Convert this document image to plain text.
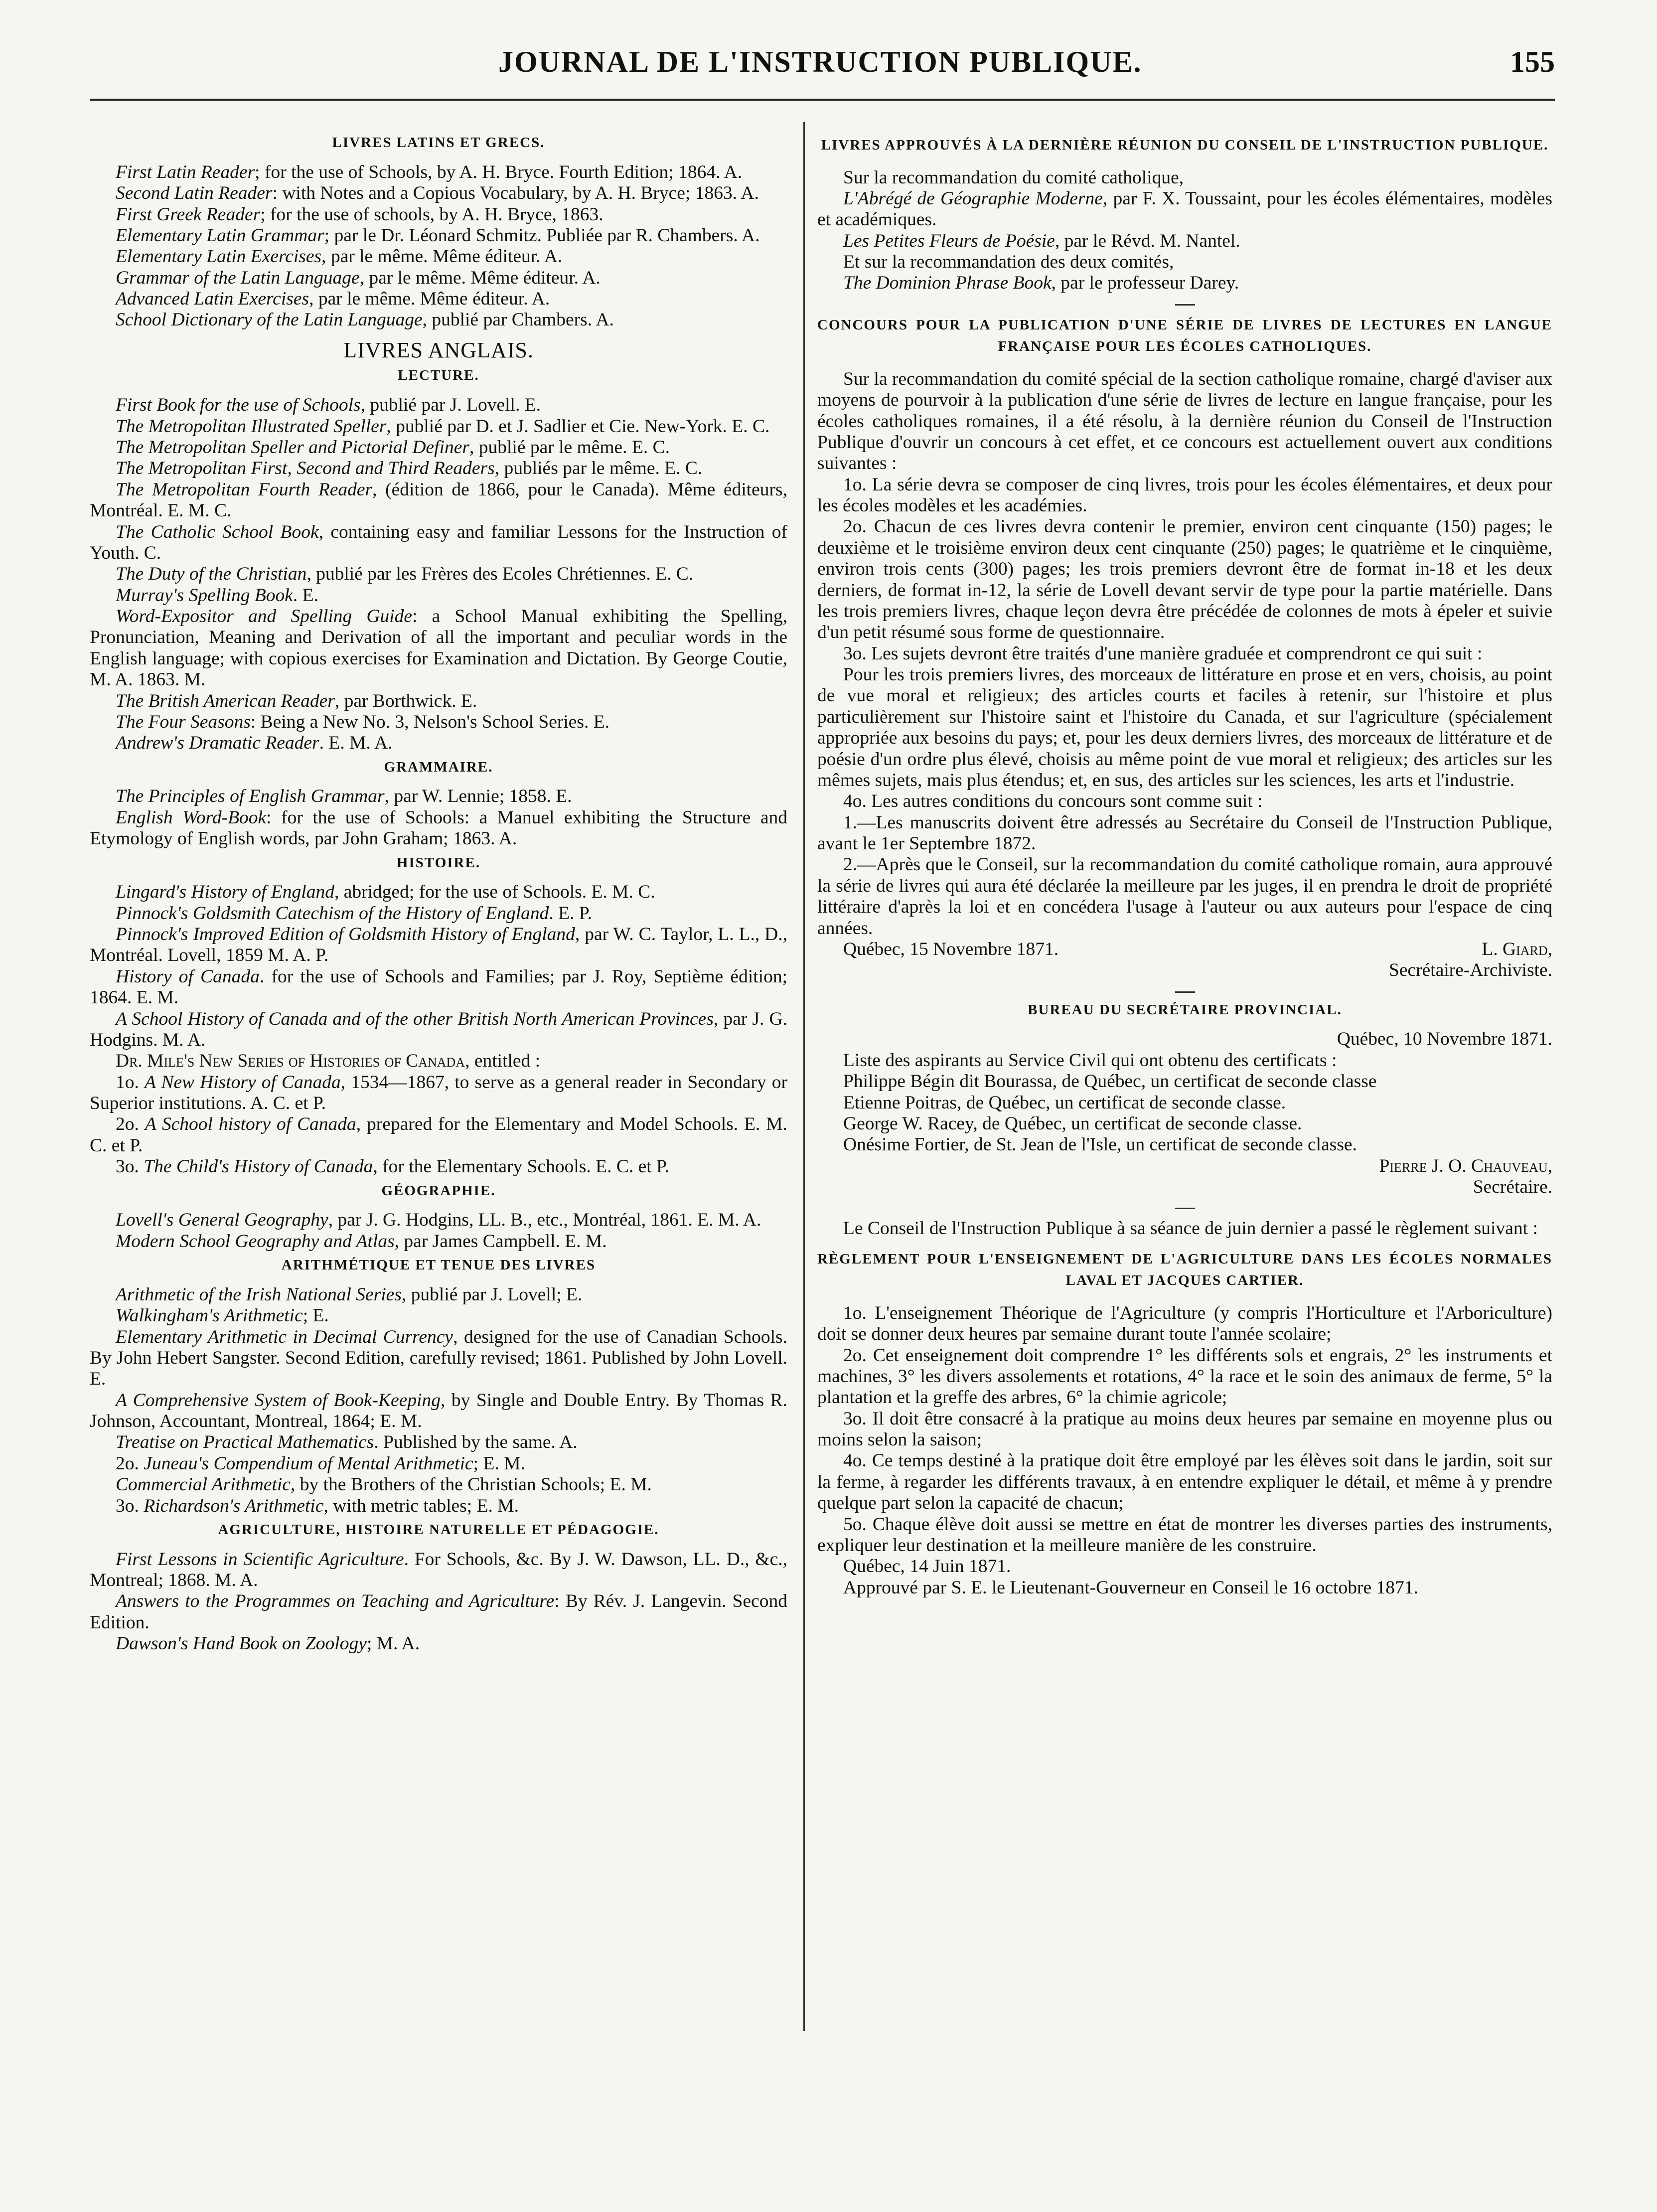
JOURNAL DE L'INSTRUCTION PUBLIQUE.	155
LIVRES LATINS ET GRECS.

First Latin Reader; for the use of Schools, by A. H. Bryce. Fourth Edition; 1864. A.

Second Latin Reader: with Notes and a Copious Vocabulary, by A. H. Bryce; 1863. A.

First Greek Reader; for the use of schools, by A. H. Bryce, 1863.

Elementary Latin Grammar; par le Dr. Léonard Schmitz. Publiée par R. Chambers. A.

Elementary Latin Exercises, par le même. Même éditeur. A.

Grammar of the Latin Language, par le même. Même éditeur. A.

Advanced Latin Exercises, par le même. Même éditeur. A.

School Dictionary of the Latin Language, publié par Chambers. A.

LIVRES ANGLAIS.
LECTURE.

First Book for the use of Schools, publié par J. Lovell. E.

The Metropolitan Illustrated Speller, publié par D. et J. Sadlier et Cie. New-York. E. C.

The Metropolitan Speller and Pictorial Definer, publié par le même. E. C.

The Metropolitan First, Second and Third Readers, publiés par le même. E. C.

The Metropolitan Fourth Reader, (édition de 1866, pour le Canada). Même éditeurs, Montréal. E. M. C.

The Catholic School Book, containing easy and familiar Lessons for the Instruction of Youth. C.

The Duty of the Christian, publié par les Frères des Ecoles Chrétiennes. E. C.

Murray's Spelling Book. E.

Word-Expositor and Spelling Guide: a School Manual exhibiting the Spelling, Pronunciation, Meaning and Derivation of all the important and peculiar words in the English language; with copious exercises for Examination and Dictation. By George Coutie, M. A. 1863. M.

The British American Reader, par Borthwick. E.

The Four Seasons: Being a New No. 3, Nelson's School Series. E.

Andrew's Dramatic Reader. E. M. A.

GRAMMAIRE.

The Principles of English Grammar, par W. Lennie; 1858. E.

English Word-Book: for the use of Schools: a Manuel exhibiting the Structure and Etymology of English words, par John Graham; 1863. A.

HISTOIRE.

Lingard's History of England, abridged; for the use of Schools. E. M. C.

Pinnock's Goldsmith Catechism of the History of England. E. P.

Pinnock's Improved Edition of Goldsmith History of England, par W. C. Taylor, L. L., D., Montréal. Lovell, 1859 M. A. P.

History of Canada. for the use of Schools and Families; par J. Roy, Septième édition; 1864. E. M.

A School History of Canada and of the other British North American Provinces, par J. G. Hodgins. M. A.

Dr. Mile's New Series of Histories of Canada, entitled :

1o. A New History of Canada, 1534—1867, to serve as a general reader in Secondary or Superior institutions. A. C. et P.

2o. A School history of Canada, prepared for the Elementary and Model Schools. E. M. C. et P.

3o. The Child's History of Canada, for the Elementary Schools. E. C. et P.

GÉOGRAPHIE.

Lovell's General Geography, par J. G. Hodgins, LL. B., etc., Montréal, 1861. E. M. A.

Modern School Geography and Atlas, par James Campbell. E. M.

ARITHMÉTIQUE ET TENUE DES LIVRES

Arithmetic of the Irish National Series, publié par J. Lovell; E.

Walkingham's Arithmetic; E.

Elementary Arithmetic in Decimal Currency, designed for the use of Canadian Schools. By John Hebert Sangster. Second Edition, carefully revised; 1861. Published by John Lovell. E.

A Comprehensive System of Book-Keeping, by Single and Double Entry. By Thomas R. Johnson, Accountant, Montreal, 1864; E. M.

Treatise on Practical Mathematics. Published by the same. A.

2o. Juneau's Compendium of Mental Arithmetic; E. M.

Commercial Arithmetic, by the Brothers of the Christian Schools; E. M.

3o. Richardson's Arithmetic, with metric tables; E. M.

AGRICULTURE, HISTOIRE NATURELLE ET PÉDAGOGIE.

First Lessons in Scientific Agriculture. For Schools, &c. By J. W. Dawson, LL. D., &c., Montreal; 1868. M. A.

Answers to the Programmes on Teaching and Agriculture: By Rév. J. Langevin. Second Edition.

Dawson's Hand Book on Zoology; M. A.

LIVRES APPROUVÉS À LA DERNIÈRE RÉUNION DU CONSEIL DE L'INSTRUCTION PUBLIQUE.

Sur la recommandation du comité catholique,

L'Abrégé de Géographie Moderne, par F. X. Toussaint, pour les écoles élémentaires, modèles et académiques.

Les Petites Fleurs de Poésie, par le Révd. M. Nantel.

Et sur la recommandation des deux comités,

The Dominion Phrase Book, par le professeur Darey.

CONCOURS POUR LA PUBLICATION D'UNE SÉRIE DE LIVRES DE LECTURES EN LANGUE FRANÇAISE POUR LES ÉCOLES CATHOLIQUES.

Sur la recommandation du comité spécial de la section catholique romaine, chargé d'aviser aux moyens de pourvoir à la publication d'une série de livres de lecture en langue française, pour les écoles catholiques romaines, il a été résolu, à la dernière réunion du Conseil de l'Instruction Publique d'ouvrir un concours à cet effet, et ce concours est actuellement ouvert aux conditions suivantes :

1o. La série devra se composer de cinq livres, trois pour les écoles élémentaires, et deux pour les écoles modèles et les académies.

2o. Chacun de ces livres devra contenir le premier, environ cent cinquante (150) pages; le deuxième et le troisième environ deux cent cinquante (250) pages; le quatrième et le cinquième, environ trois cents (300) pages; les trois premiers devront être de format in-18 et les deux derniers, de format in-12, la série de Lovell devant servir de type pour la partie matérielle. Dans les trois premiers livres, chaque leçon devra être précédée de colonnes de mots à épeler et suivie d'un petit résumé sous forme de questionnaire.

3o. Les sujets devront être traités d'une manière graduée et comprendront ce qui suit :

Pour les trois premiers livres, des morceaux de littérature en prose et en vers, choisis, au point de vue moral et religieux; des articles courts et faciles à retenir, sur l'histoire et plus particulièrement sur l'histoire saint et l'histoire du Canada, et sur l'agriculture (spécialement appropriée aux besoins du pays; et, pour les deux derniers livres, des morceaux de littérature et de poésie d'un ordre plus élevé, choisis au même point de vue moral et religieux; des articles sur les mêmes sujets, mais plus étendus; et, en sus, des articles sur les sciences, les arts et l'industrie.

4o. Les autres conditions du concours sont comme suit :

1.—Les manuscrits doivent être adressés au Secrétaire du Conseil de l'Instruction Publique, avant le 1er Septembre 1872.

2.—Après que le Conseil, sur la recommandation du comité catholique romain, aura approuvé la série de livres qui aura été déclarée la meilleure par les juges, il en prendra le droit de propriété littéraire d'après la loi et en concédera l'usage à l'auteur ou aux auteurs pour l'espace de cinq années.

Québec, 15 Novembre 1871.	L. Giard,

Secrétaire-Archiviste.
BUREAU DU SECRÉTAIRE PROVINCIAL.

Québec, 10 Novembre 1871.

Liste des aspirants au Service Civil qui ont obtenu des certificats :

Philippe Bégin dit Bourassa, de Québec, un certificat de seconde classe

Etienne Poitras, de Québec, un certificat de seconde classe.

George W. Racey, de Québec, un certificat de seconde classe.

Onésime Fortier, de St. Jean de l'Isle, un certificat de seconde classe.

Pierre J. O. Chauveau,
Secrétaire.

Le Conseil de l'Instruction Publique à sa séance de juin dernier a passé le règlement suivant :

RÈGLEMENT POUR L'ENSEIGNEMENT DE L'AGRICULTURE DANS LES ÉCOLES NORMALES LAVAL ET JACQUES CARTIER.

1o. L'enseignement Théorique de l'Agriculture (y compris l'Horticulture et l'Arboriculture) doit se donner deux heures par semaine durant toute l'année scolaire;

2o. Cet enseignement doit comprendre 1° les différents sols et engrais, 2° les instruments et machines, 3° les divers assolements et rotations, 4° la race et le soin des animaux de ferme, 5° la plantation et la greffe des arbres, 6° la chimie agricole;

3o. Il doit être consacré à la pratique au moins deux heures par semaine en moyenne plus ou moins selon la saison;

4o. Ce temps destiné à la pratique doit être employé par les élèves soit dans le jardin, soit sur la ferme, à regarder les différents travaux, à en entendre expliquer le détail, et même à y prendre quelque part selon la capacité de chacun;

5o. Chaque élève doit aussi se mettre en état de montrer les diverses parties des instruments, expliquer leur destination et la meilleure manière de les construire.

Québec, 14 Juin 1871.

Approuvé par S. E. le Lieutenant-Gouverneur en Conseil le 16 octobre 1871.
